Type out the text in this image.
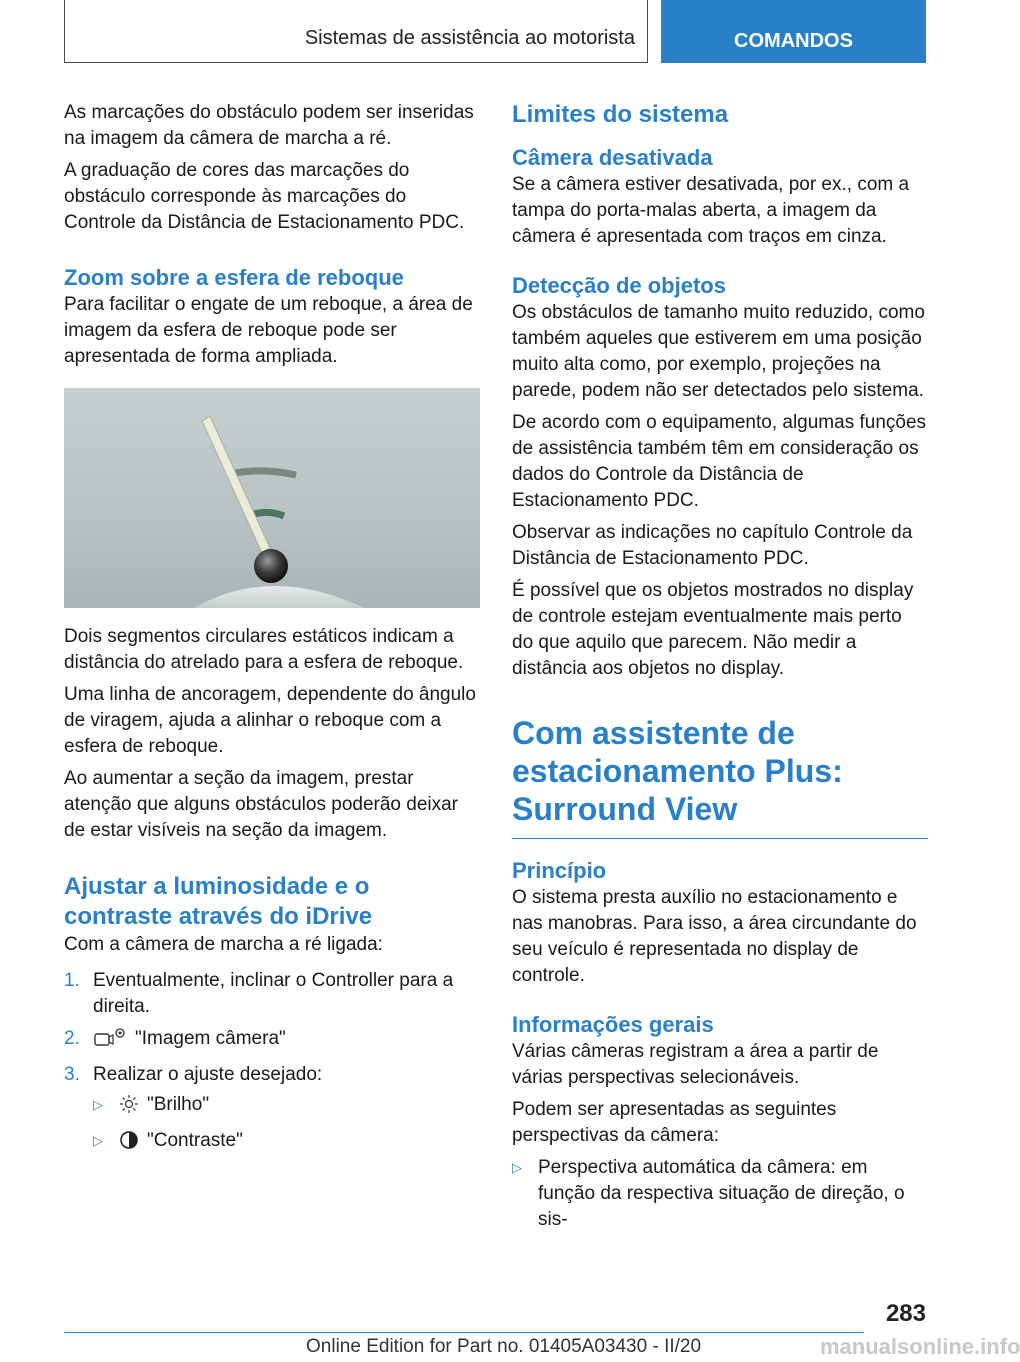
Sistemas de assistência ao motorista	COMANDOS

As marcações do obstáculo podem ser inseridas na imagem da câmera de marcha a ré.

A graduação de cores das marcações do obstáculo corresponde às marcações do Controle da Distância de Estacionamento PDC.

Zoom sobre a esfera de reboque

Para facilitar o engate de um reboque, a área de imagem da esfera de reboque pode ser apresentada de forma ampliada.

Dois segmentos circulares estáticos indicam a distância do atrelado para a esfera de reboque.

Uma linha de ancoragem, dependente do ângulo de viragem, ajuda a alinhar o reboque com a esfera de reboque.

Ao aumentar a seção da imagem, prestar atenção que alguns obstáculos poderão deixar de estar visíveis na seção da imagem.

Ajustar a luminosidade e o contraste através do iDrive

Com a câmera de marcha a ré ligada:

1. Eventualmente, inclinar o Controller para a direita.
2.	"Imagem câmera"
3. Realizar o ajuste desejado:
▷ "Brilho"
▷ "Contraste"
Limites do sistema
Câmera desativada

Se a câmera estiver desativada, por ex., com a tampa do porta-malas aberta, a imagem da câmera é apresentada com traços em cinza.

Detecção de objetos

Os obstáculos de tamanho muito reduzido, como também aqueles que estiverem em uma posição muito alta como, por exemplo, projeções na parede, podem não ser detectados pelo sistema.

De acordo com o equipamento, algumas funções de assistência também têm em consideração os dados do Controle da Distância de Estacionamento PDC.

Observar as indicações no capítulo Controle da Distância de Estacionamento PDC.

É possível que os objetos mostrados no display de controle estejam eventualmente mais perto do que aquilo que parecem. Não medir a distância aos objetos no display.

Com assistente de estacionamento Plus: Surround View
Princípio

O sistema presta auxílio no estacionamento e nas manobras. Para isso, a área circundante do seu veículo é representada no display de controle.

Informações gerais

Várias câmeras registram a área a partir de várias perspectivas selecionáveis.

Podem ser apresentadas as seguintes perspectivas da câmera:

▷ Perspectiva automática da câmera: em função da respectiva situação de direção, o sis-
283
Online Edition for Part no. 01405A03430 - II/20	manualsonline.info
